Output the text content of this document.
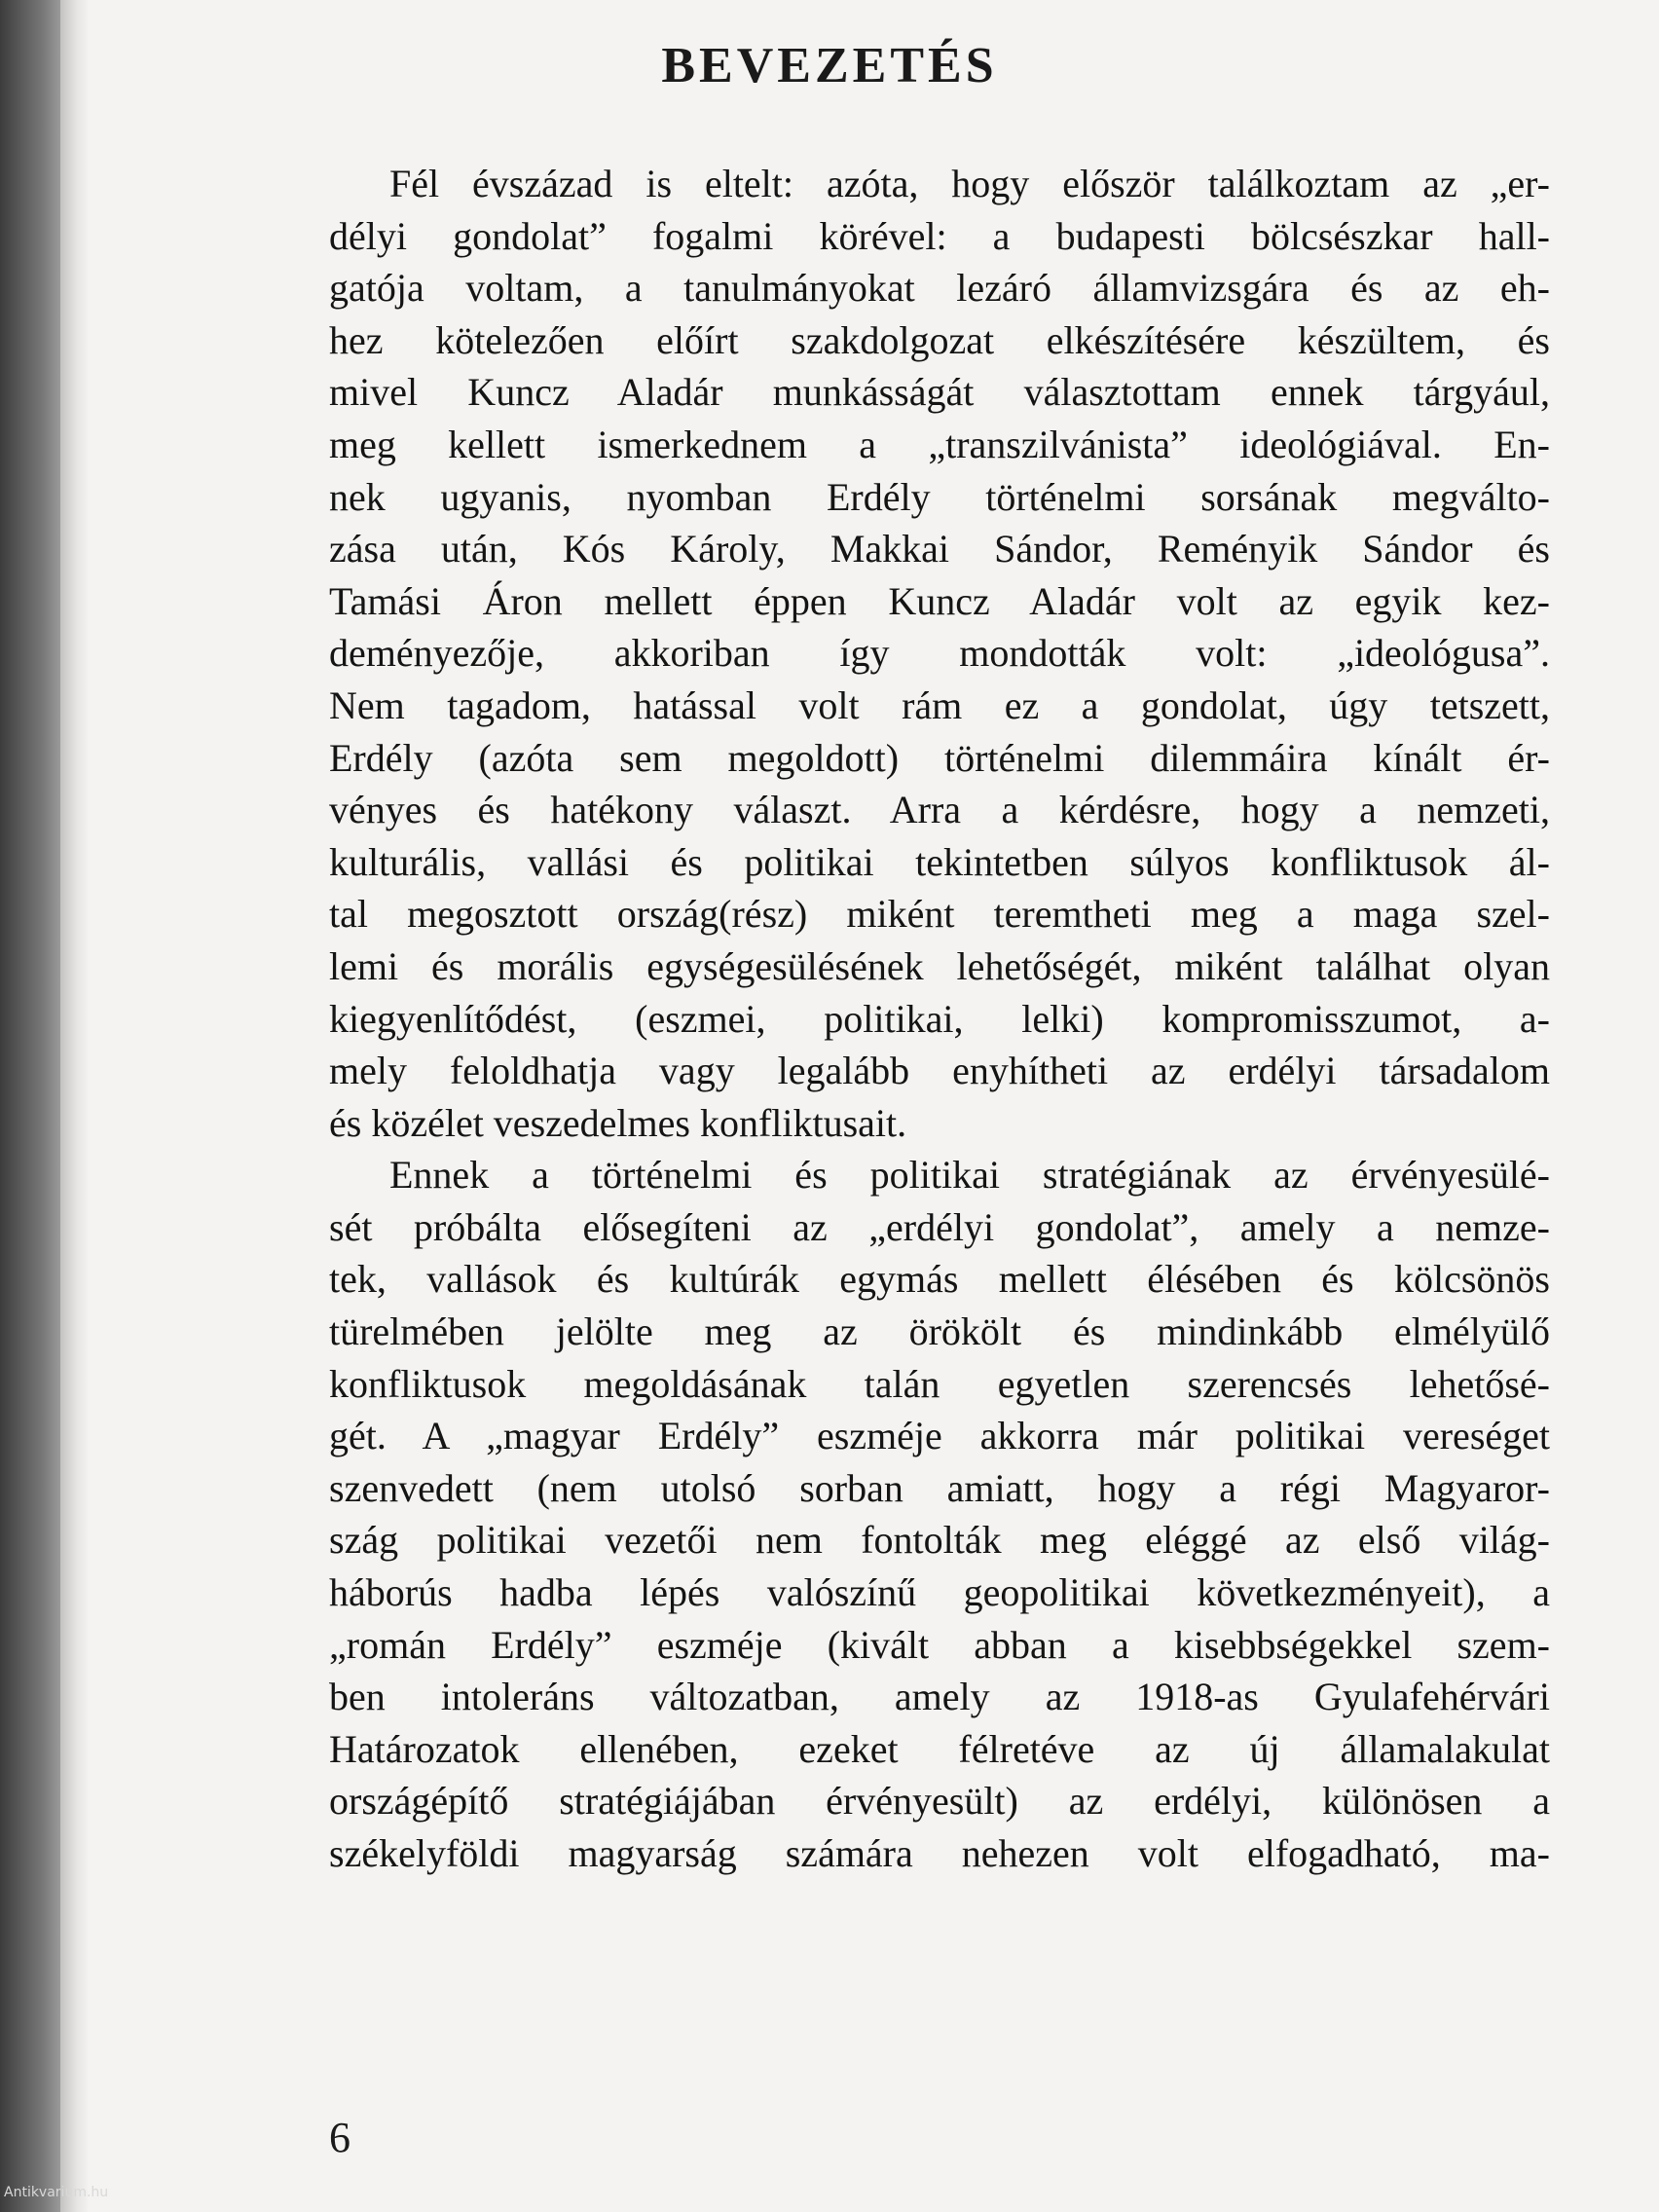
BEVEZETÉS

Fél évszázad is eltelt: azóta, hogy először találkoztam az „er-
délyi gondolat” fogalmi körével: a budapesti bölcsészkar hall-
gatója voltam, a tanulmányokat lezáró államvizsgára és az eh-
hez kötelezően előírt szakdolgozat elkészítésére készültem, és
mivel Kuncz Aladár munkásságát választottam ennek tárgyául,
meg kellett ismerkednem a „transzilvánista” ideológiával. En-
nek ugyanis, nyomban Erdély történelmi sorsának megválto-
zása után, Kós Károly, Makkai Sándor, Reményik Sándor és
Tamási Áron mellett éppen Kuncz Aladár volt az egyik kez-
deményezője, akkoriban így mondották volt: „ideológusa”.
Nem tagadom, hatással volt rám ez a gondolat, úgy tetszett,
Erdély (azóta sem megoldott) történelmi dilemmáira kínált ér-
vényes és hatékony választ. Arra a kérdésre, hogy a nemzeti,
kulturális, vallási és politikai tekintetben súlyos konfliktusok ál-
tal megosztott ország(rész) miként teremtheti meg a maga szel-
lemi és morális egységesülésének lehetőségét, miként találhat olyan
kiegyenlítődést, (eszmei, politikai, lelki) kompromisszumot, a-
mely feloldhatja vagy legalább enyhítheti az erdélyi társadalom
és közélet veszedelmes konfliktusait.

Ennek a történelmi és politikai stratégiának az érvényesülé-
sét próbálta elősegíteni az „erdélyi gondolat”, amely a nemze-
tek, vallások és kultúrák egymás mellett élésében és kölcsönös
türelmében jelölte meg az örökölt és mindinkább elmélyülő
konfliktusok megoldásának talán egyetlen szerencsés lehetősé-
gét. A „magyar Erdély” eszméje akkorra már politikai vereséget
szenvedett (nem utolsó sorban amiatt, hogy a régi Magyaror-
szág politikai vezetői nem fontolták meg eléggé az első világ-
háborús hadba lépés valószínű geopolitikai következményeit), a
„román Erdély” eszméje (kivált abban a kisebbségekkel szem-
ben intoleráns változatban, amely az 1918-as Gyulafehérvári
Határozatok ellenében, ezeket félretéve az új államalakulat
országépítő stratégiájában érvényesült) az erdélyi, különösen a
székelyföldi magyarság számára nehezen volt elfogadható, ma-

6
Antikvarium.hu
